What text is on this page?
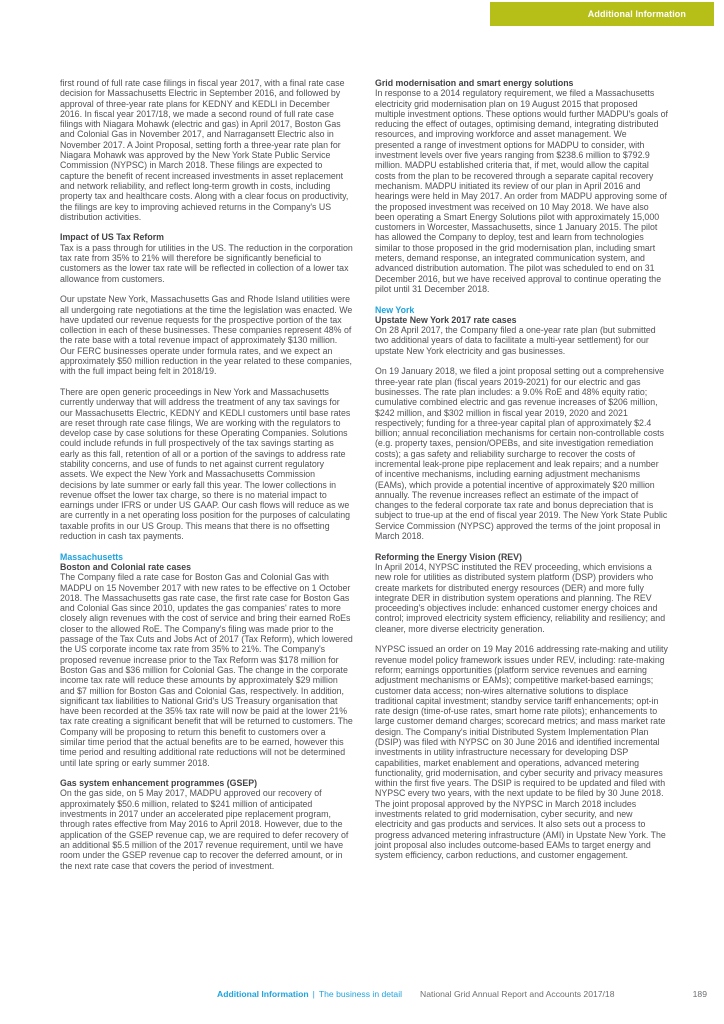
Additional Information

first round of full rate case filings in fiscal year 2017, with a final rate case decision for Massachusetts Electric in September 2016, and followed by approval of three-year rate plans for KEDNY and KEDLI in December 2016. In fiscal year 2017/18, we made a second round of full rate case filings with Niagara Mohawk (electric and gas) in April 2017, Boston Gas and Colonial Gas in November 2017, and Narragansett Electric also in November 2017. A Joint Proposal, setting forth a three-year rate plan for Niagara Mohawk was approved by the New York State Public Service Commission (NYPSC) in March 2018. These filings are expected to capture the benefit of recent increased investments in asset replacement and network reliability, and reflect long-term growth in costs, including property tax and healthcare costs. Along with a clear focus on productivity, the filings are key to improving achieved returns in the Company's US distribution activities.

Impact of US Tax Reform

Tax is a pass through for utilities in the US. The reduction in the corporation tax rate from 35% to 21% will therefore be significantly beneficial to customers as the lower tax rate will be reflected in collection of a lower tax allowance from customers.

Our upstate New York, Massachusetts Gas and Rhode Island utilities were all undergoing rate negotiations at the time the legislation was enacted. We have updated our revenue requests for the prospective portion of the tax collection in each of these businesses. These companies represent 48% of the rate base with a total revenue impact of approximately $130 million. Our FERC businesses operate under formula rates, and we expect an approximately $50 million reduction in the year related to these companies, with the full impact being felt in 2018/19.

There are open generic proceedings in New York and Massachusetts currently underway that will address the treatment of any tax savings for our Massachusetts Electric, KEDNY and KEDLI customers until base rates are reset through rate case filings, We are working with the regulators to develop case by case solutions for these Operating Companies. Solutions could include refunds in full prospectively of the tax savings starting as early as this fall, retention of all or a portion of the savings to address rate stability concerns, and use of funds to net against current regulatory assets. We expect the New York and Massachusetts Commission decisions by late summer or early fall this year. The lower collections in revenue offset the lower tax charge, so there is no material impact to earnings under IFRS or under US GAAP. Our cash flows will reduce as we are currently in a net operating loss position for the purposes of calculating taxable profits in our US Group. This means that there is no offsetting reduction in cash tax payments.

Massachusetts
Boston and Colonial rate cases

The Company filed a rate case for Boston Gas and Colonial Gas with MADPU on 15 November 2017 with new rates to be effective on 1 October 2018. The Massachusetts gas rate case, the first rate case for Boston Gas and Colonial Gas since 2010, updates the gas companies' rates to more closely align revenues with the cost of service and bring their earned RoEs closer to the allowed RoE. The Company's filing was made prior to the passage of the Tax Cuts and Jobs Act of 2017 (Tax Reform), which lowered the US corporate income tax rate from 35% to 21%. The Company's proposed revenue increase prior to the Tax Reform was $178 million for Boston Gas and $36 million for Colonial Gas. The change in the corporate income tax rate will reduce these amounts by approximately $29 million and $7 million for Boston Gas and Colonial Gas, respectively. In addition, significant tax liabilities to National Grid's US Treasury organisation that have been recorded at the 35% tax rate will now be paid at the lower 21% tax rate creating a significant benefit that will be returned to customers. The Company will be proposing to return this benefit to customers over a similar time period that the actual benefits are to be earned, however this time period and resulting additional rate reductions will not be determined until late spring or early summer 2018.

Gas system enhancement programmes (GSEP)

On the gas side, on 5 May 2017, MADPU approved our recovery of approximately $50.6 million, related to $241 million of anticipated investments in 2017 under an accelerated pipe replacement program, through rates effective from May 2016 to April 2018. However, due to the application of the GSEP revenue cap, we are required to defer recovery of an additional $5.5 million of the 2017 revenue requirement, until we have room under the GSEP revenue cap to recover the deferred amount, or in the next rate case that covers the period of investment.

Grid modernisation and smart energy solutions

In response to a 2014 regulatory requirement, we filed a Massachusetts electricity grid modernisation plan on 19 August 2015 that proposed multiple investment options. These options would further MADPU's goals of reducing the effect of outages, optimising demand, integrating distributed resources, and improving workforce and asset management. We presented a range of investment options for MADPU to consider, with investment levels over five years ranging from $238.6 million to $792.9 million. MADPU established criteria that, if met, would allow the capital costs from the plan to be recovered through a separate capital recovery mechanism. MADPU initiated its review of our plan in April 2016 and hearings were held in May 2017. An order from MADPU approving some of the proposed investment was received on 10 May 2018. We have also been operating a Smart Energy Solutions pilot with approximately 15,000 customers in Worcester, Massachusetts, since 1 January 2015. The pilot has allowed the Company to deploy, test and learn from technologies similar to those proposed in the grid modernisation plan, including smart meters, demand response, an integrated communication system, and advanced distribution automation. The pilot was scheduled to end on 31 December 2016, but we have received approval to continue operating the pilot until 31 December 2018.

New York
Upstate New York 2017 rate cases

On 28 April 2017, the Company filed a one-year rate plan (but submitted two additional years of data to facilitate a multi-year settlement) for our upstate New York electricity and gas businesses.

On 19 January 2018, we filed a joint proposal setting out a comprehensive three-year rate plan (fiscal years 2019-2021) for our electric and gas businesses. The rate plan includes: a 9.0% RoE and 48% equity ratio; cumulative combined electric and gas revenue increases of $206 million, $242 million, and $302 million in fiscal year 2019, 2020 and 2021 respectively; funding for a three-year capital plan of approximately $2.4 billion; annual reconciliation mechanisms for certain non-controllable costs (e.g. property taxes, pension/OPEBs, and site investigation remediation costs); a gas safety and reliability surcharge to recover the costs of incremental leak-prone pipe replacement and leak repairs; and a number of incentive mechanisms, including earning adjustment mechanisms (EAMs), which provide a potential incentive of approximately $20 million annually. The revenue increases reflect an estimate of the impact of changes to the federal corporate tax rate and bonus depreciation that is subject to true-up at the end of fiscal year 2019. The New York State Public Service Commission (NYPSC) approved the terms of the joint proposal in March 2018.

Reforming the Energy Vision (REV)

In April 2014, NYPSC instituted the REV proceeding, which envisions a new role for utilities as distributed system platform (DSP) providers who create markets for distributed energy resources (DER) and more fully integrate DER in distribution system operations and planning. The REV proceeding's objectives include: enhanced customer energy choices and control; improved electricity system efficiency, reliability and resiliency; and cleaner, more diverse electricity generation.

NYPSC issued an order on 19 May 2016 addressing rate-making and utility revenue model policy framework issues under REV, including: rate-making reform; earnings opportunities (platform service revenues and earning adjustment mechanisms or EAMs); competitive market-based earnings; customer data access; non-wires alternative solutions to displace traditional capital investment; standby service tariff enhancements; opt-in rate design (time-of-use rates, smart home rate pilots); enhancements to large customer demand charges; scorecard metrics; and mass market rate design. The Company's initial Distributed System Implementation Plan (DSIP) was filed with NYPSC on 30 June 2016 and identified incremental investments in utility infrastructure necessary for developing DSP capabilities, market enablement and operations, advanced metering functionality, grid modernisation, and cyber security and privacy measures within the first five years. The DSIP is required to be updated and filed with NYPSC every two years, with the next update to be filed by 30 June 2018. The joint proposal approved by the NYPSC in March 2018 includes investments related to grid modernisation, cyber security, and new electricity and gas products and services. It also sets out a process to progress advanced metering infrastructure (AMI) in Upstate New York. The joint proposal also includes outcome-based EAMs to target energy and system efficiency, carbon reductions, and customer engagement.

Additional Information | The business in detail National Grid Annual Report and Accounts 2017/18	189
